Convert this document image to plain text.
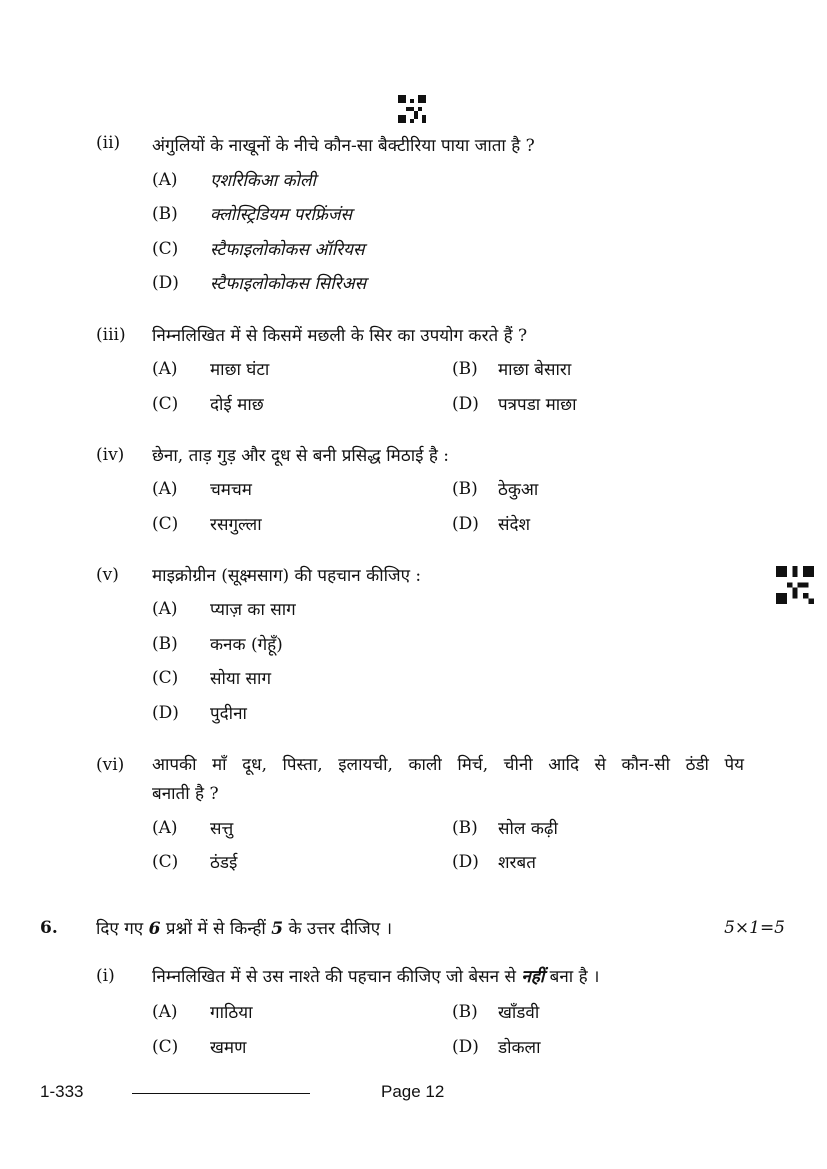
(ii) अंगुलियों के नाखूनों के नीचे कौन-सा बैक्टीरिया पाया जाता है ?
(A) एशरिकिआ कोली
(B) क्लोस्ट्रिडियम परफ्रिंजंस
(C) स्टैफाइलोकोकस ऑरियस
(D) स्टैफाइलोकोकस सिरिअस
(iii) निम्नलिखित में से किसमें मछली के सिर का उपयोग करते हैं ?
(A) माछा घंटा	(B) माछा बेसारा
(C) दोई माछ	(D) पत्रपडा माछा
(iv) छेना, ताड़ गुड़ और दूध से बनी प्रसिद्ध मिठाई है :
(A) चमचम	(B) ठेकुआ
(C) रसगुल्ला	(D) संदेश
(v) माइक्रोग्रीन (सूक्ष्मसाग) की पहचान कीजिए :
(A) प्याज़ का साग
(B) कनक (गेहूँ)
(C) सोया साग
(D) पुदीना
(vi) आपकी माँ दूध, पिस्ता, इलायची, काली मिर्च, चीनी आदि से कौन-सी ठंडी पेय
बनाती है ?
(A) सत्तु	(B) सोल कढ़ी
(C) ठंडई	(D) शरबत
6. दिए गए 6 प्रश्नों में से किन्हीं 5 के उत्तर दीजिए ।	5×1=5
(i) निम्नलिखित में से उस नाश्ते की पहचान कीजिए जो बेसन से नहीं बना है ।
(A) गाठिया	(B) खाँडवी
(C) खमण	(D) डोकला
1-333	Page 12
